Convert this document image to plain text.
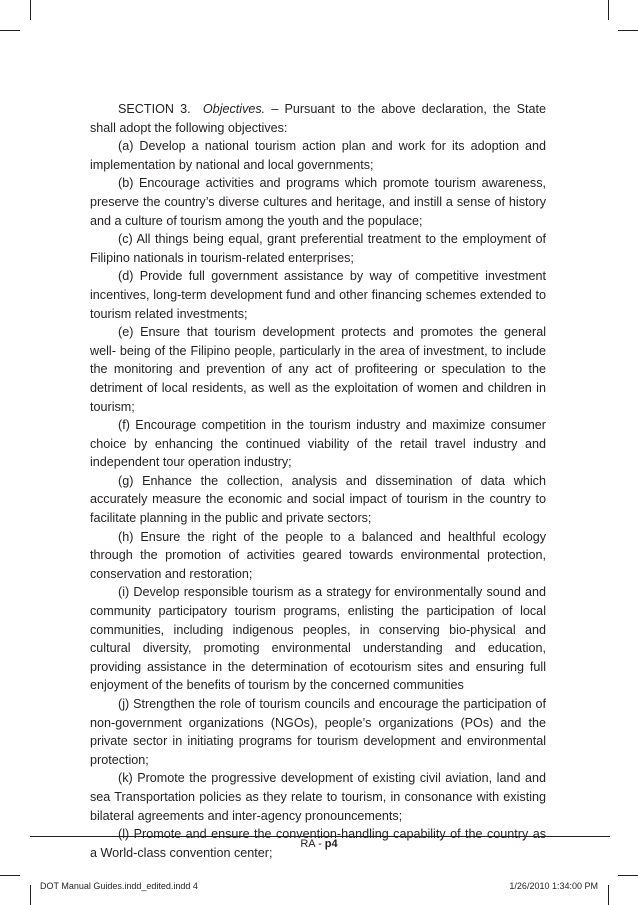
SECTION 3. Objectives. – Pursuant to the above declaration, the State shall adopt the following objectives:

(a) Develop a national tourism action plan and work for its adoption and implementation by national and local governments;

(b) Encourage activities and programs which promote tourism awareness, preserve the country’s diverse cultures and heritage, and instill a sense of history and a culture of tourism among the youth and the populace;

(c) All things being equal, grant preferential treatment to the employment of Filipino nationals in tourism-related enterprises;

(d) Provide full government assistance by way of competitive investment incentives, long-term development fund and other financing schemes extended to tourism related investments;

(e) Ensure that tourism development protects and promotes the general well- being of the Filipino people, particularly in the area of investment, to include the monitoring and prevention of any act of profiteering or speculation to the detriment of local residents, as well as the exploitation of women and children in tourism;

(f) Encourage competition in the tourism industry and maximize consumer choice by enhancing the continued viability of the retail travel industry and independent tour operation industry;

(g) Enhance the collection, analysis and dissemination of data which accurately measure the economic and social impact of tourism in the country to facilitate planning in the public and private sectors;

(h) Ensure the right of the people to a balanced and healthful ecology through the promotion of activities geared towards environmental protection, conservation and restoration;

(i) Develop responsible tourism as a strategy for environmentally sound and community participatory tourism programs, enlisting the participation of local communities, including indigenous peoples, in conserving bio-physical and cultural diversity, promoting environmental understanding and education, providing assistance in the determination of ecotourism sites and ensuring full enjoyment of the benefits of tourism by the concerned communities

(j) Strengthen the role of tourism councils and encourage the participation of non-government organizations (NGOs), people’s organizations (POs) and the private sector in initiating programs for tourism development and environmental protection;

(k) Promote the progressive development of existing civil aviation, land and sea Transportation policies as they relate to tourism, in consonance with existing bilateral agreements and inter-agency pronouncements;

(l) Promote and ensure the convention-handling capability of the country as a World-class convention center;

RA - p4
DOT Manual Guides.indd_edited.indd 4	1/26/2010 1:34:00 PM
